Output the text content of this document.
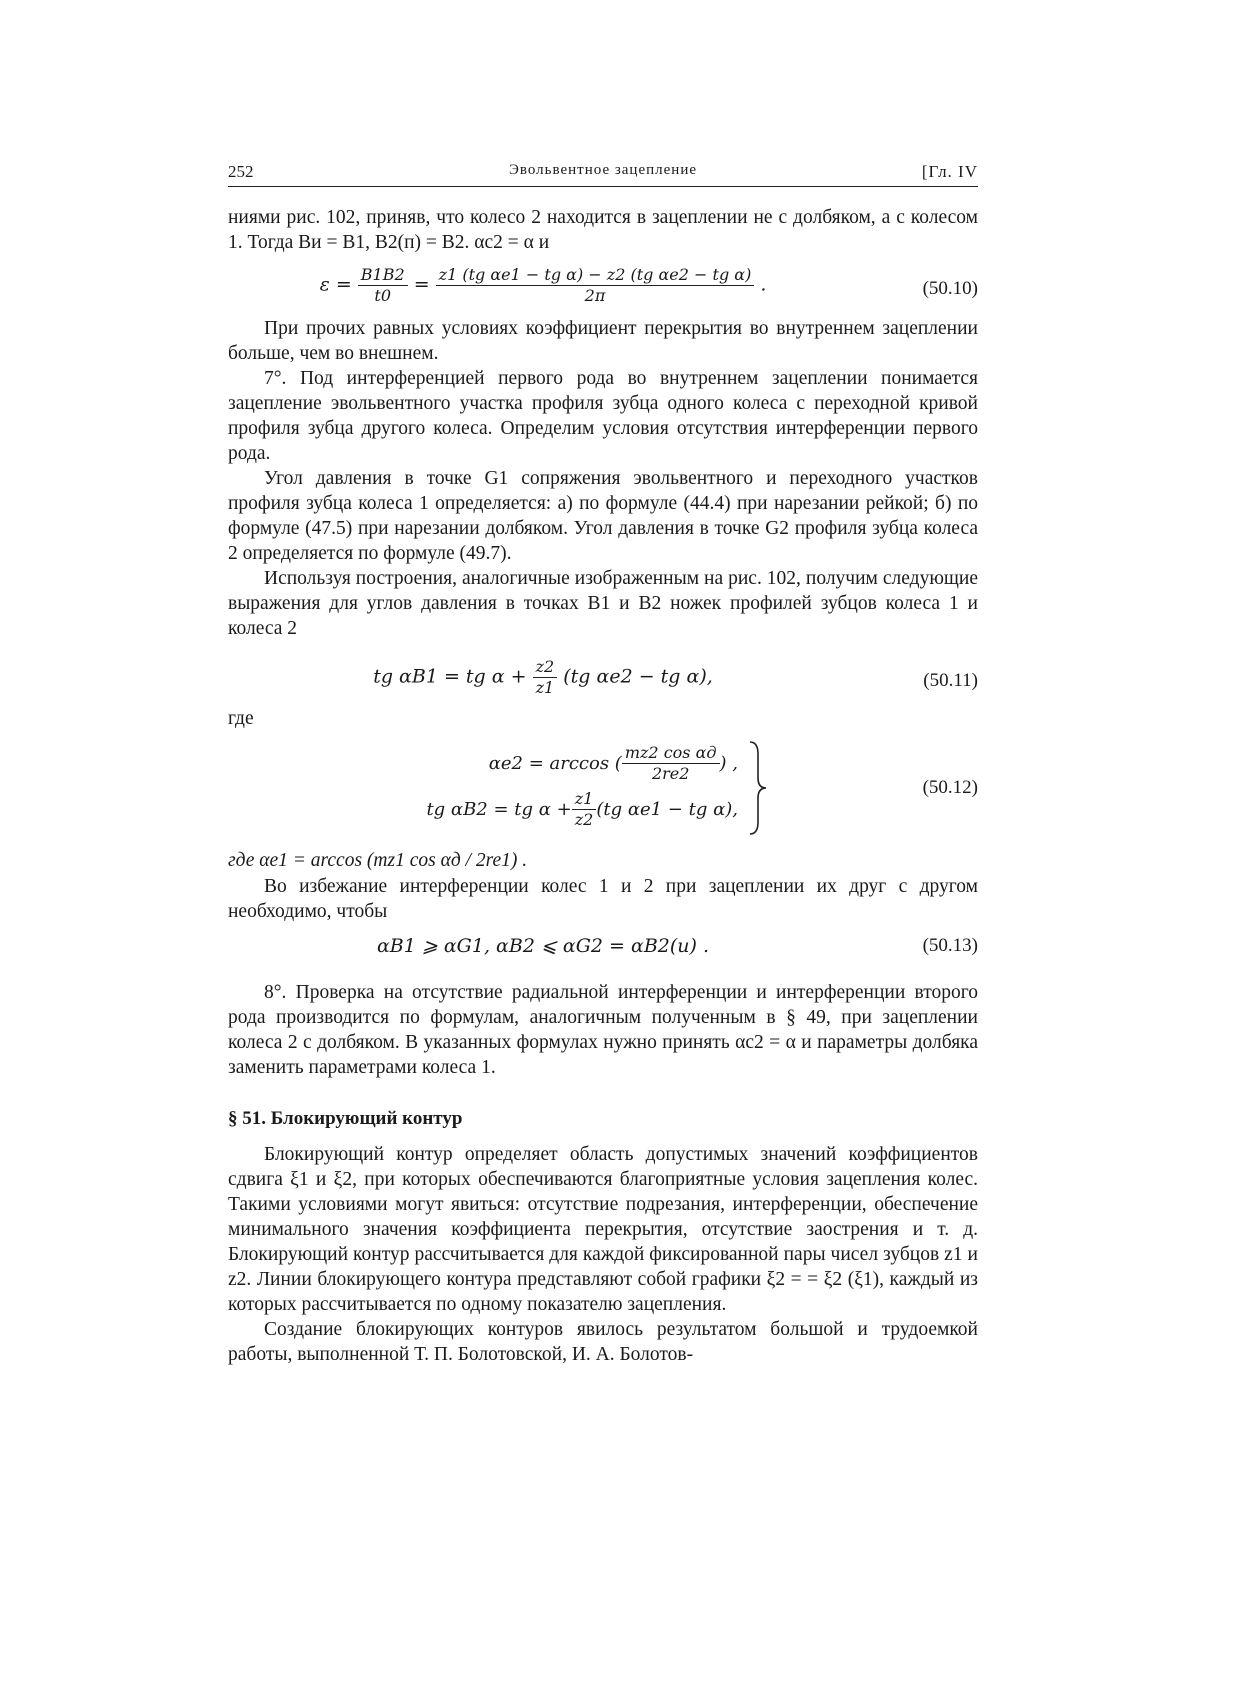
252	Эвольвентное зацепление	[Гл. IV

ниями рис. 102, приняв, что колесо 2 находится в зацеплении не с долбяком, а с колесом 1. Тогда Bи = B1, B2(п) = B2. αc2 = α и

$\varepsilon = \frac{B1B2}{t0} = \frac{\text{z1 (tg αe1 − tg α) − z2 (tg αe2 − tg α)}}{2\pi}$ .	(50.10)

При прочих равных условиях коэффициент перекрытия во внутреннем зацеплении больше, чем во внешнем.

7°. Под интерференцией первого рода во внутреннем зацеплении понимается зацепление эвольвентного участка профиля зубца одного колеса с переходной кривой профиля зубца другого колеса. Определим условия отсутствия интерференции первого рода.

Угол давления в точке G1 сопряжения эвольвентного и переходного участков профиля зубца колеса 1 определяется: а) по формуле (44.4) при нарезании рейкой; б) по формуле (47.5) при нарезании долбяком. Угол давления в точке G2 профиля зубца колеса 2 определяется по формуле (49.7).

Используя построения, аналогичные изображенным на рис. 102, получим следующие выражения для углов давления в точках B1 и B2 ножек профилей зубцов колеса 1 и колеса 2

tg αB1 = tg $\alpha + \frac{z2}{z1} (tg$ αe2 − tg α),	(50.11)
где
αe2 = arccos ( $\frac{\text{mz2 cos αд}}{2re2}$ ) ,
tg αB2 = tg $\alpha + \frac{z1}{z2} (tg$ αe1 − tg α),
(50.12)
где αe1 = arccos (mz1 cos αд / 2re1) .

Во избежание интерференции колес 1 и 2 при зацеплении их друг с другом необходимо, чтобы

αB1 ⩾ αG1, αB2 ⩽ αG2 = αB2(и) .	(50.13)

8°. Проверка на отсутствие радиальной интерференции и интерференции второго рода производится по формулам, аналогичным полученным в § 49, при зацеплении колеса 2 с долбяком. В указанных формулах нужно принять αc2 = α и параметры долбяка заменить параметрами колеса 1.

§ 51. Блокирующий контур

Блокирующий контур определяет область допустимых значений коэффициентов сдвига ξ1 и ξ2, при которых обеспечиваются благоприятные условия зацепления колес. Такими условиями могут явиться: отсутствие подрезания, интерференции, обеспечение минимального значения коэффициента перекрытия, отсутствие заострения и т. д. Блокирующий контур рассчитывается для каждой фиксированной пары чисел зубцов z1 и z2. Линии блокирующего контура представляют собой графики ξ2 = = ξ2 (ξ1), каждый из которых рассчитывается по одному показателю зацепления.

Создание блокирующих контуров явилось результатом большой и трудоемкой работы, выполненной Т. П. Болотовской, И. А. Болотов-
